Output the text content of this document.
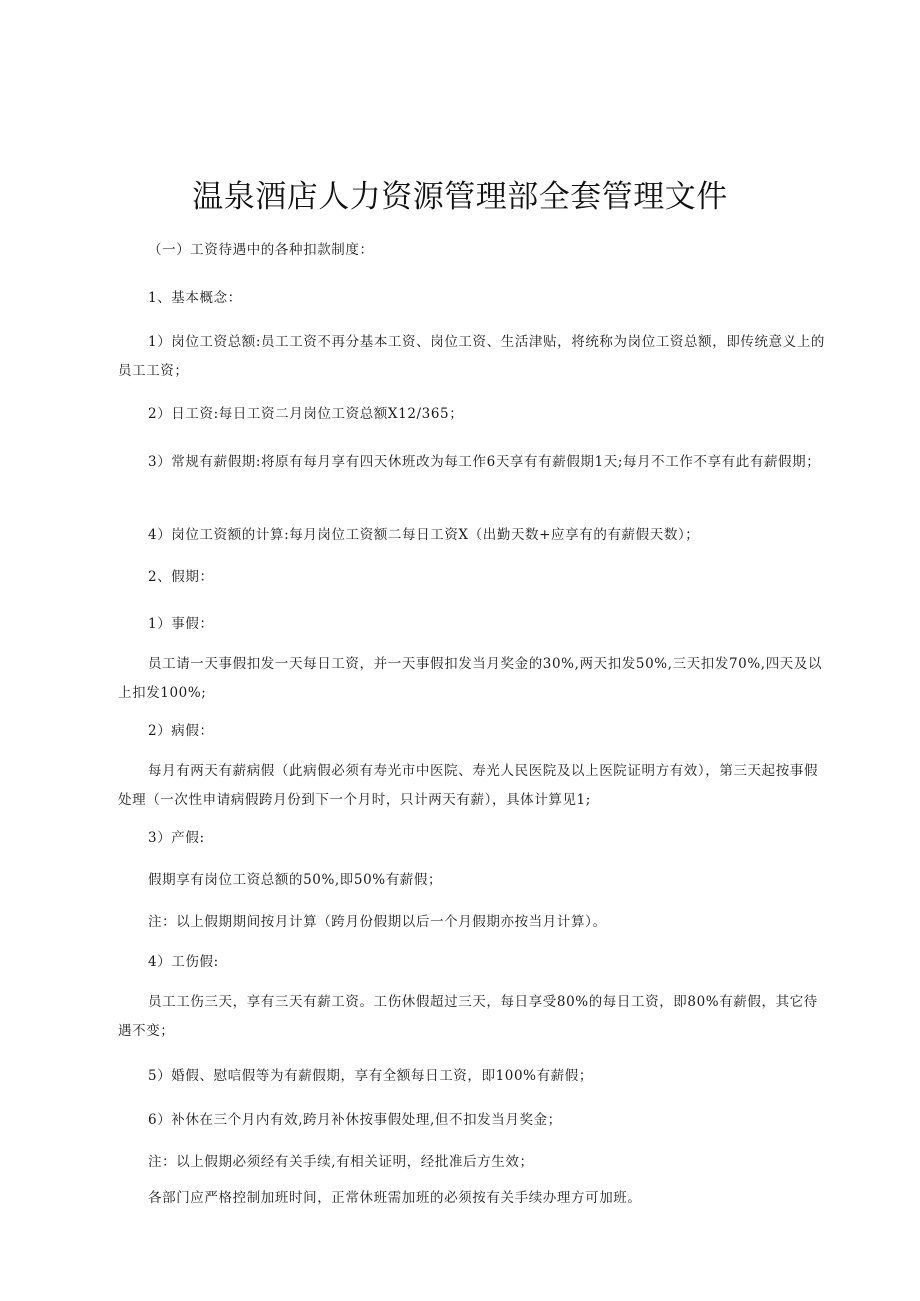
温泉酒店人力资源管理部全套管理文件

（一）工资待遇中的各种扣款制度：

1、基本概念：

1）岗位工资总额:员工工资不再分基本工资、岗位工资、生活津贴，将统称为岗位工资总额，即传统意义上的员工工资；

2）日工资:每日工资二月岗位工资总额X12/365；

3）常规有薪假期:将原有每月享有四天休班改为每工作6天享有有薪假期1天;每月不工作不享有此有薪假期；

4）岗位工资额的计算:每月岗位工资额二每日工资X（出勤天数+应享有的有薪假天数）；

2、假期：

1）事假：

员工请一天事假扣发一天每日工资，并一天事假扣发当月奖金的30%,两天扣发50%,三天扣发70%,四天及以上扣发100%;

2）病假：

每月有两天有薪病假（此病假必须有寿光市中医院、寿光人民医院及以上医院证明方有效），第三天起按事假处理（一次性申请病假跨月份到下一个月时，只计两天有薪），具体计算见1;

3）产假:

假期享有岗位工资总额的50%,即50%有薪假；

注：以上假期期间按月计算（跨月份假期以后一个月假期亦按当月计算）。

4）工伤假:

员工工伤三天，享有三天有薪工资。工伤休假超过三天，每日享受80%的每日工资，即80%有薪假，其它待遇不变；

5）婚假、慰唁假等为有薪假期，享有全额每日工资，即100%有薪假；

6）补休在三个月内有效,跨月补休按事假处理,但不扣发当月奖金；

注：以上假期必须经有关手续,有相关证明，经批准后方生效；

各部门应严格控制加班时间，正常休班需加班的必须按有关手续办理方可加班。
